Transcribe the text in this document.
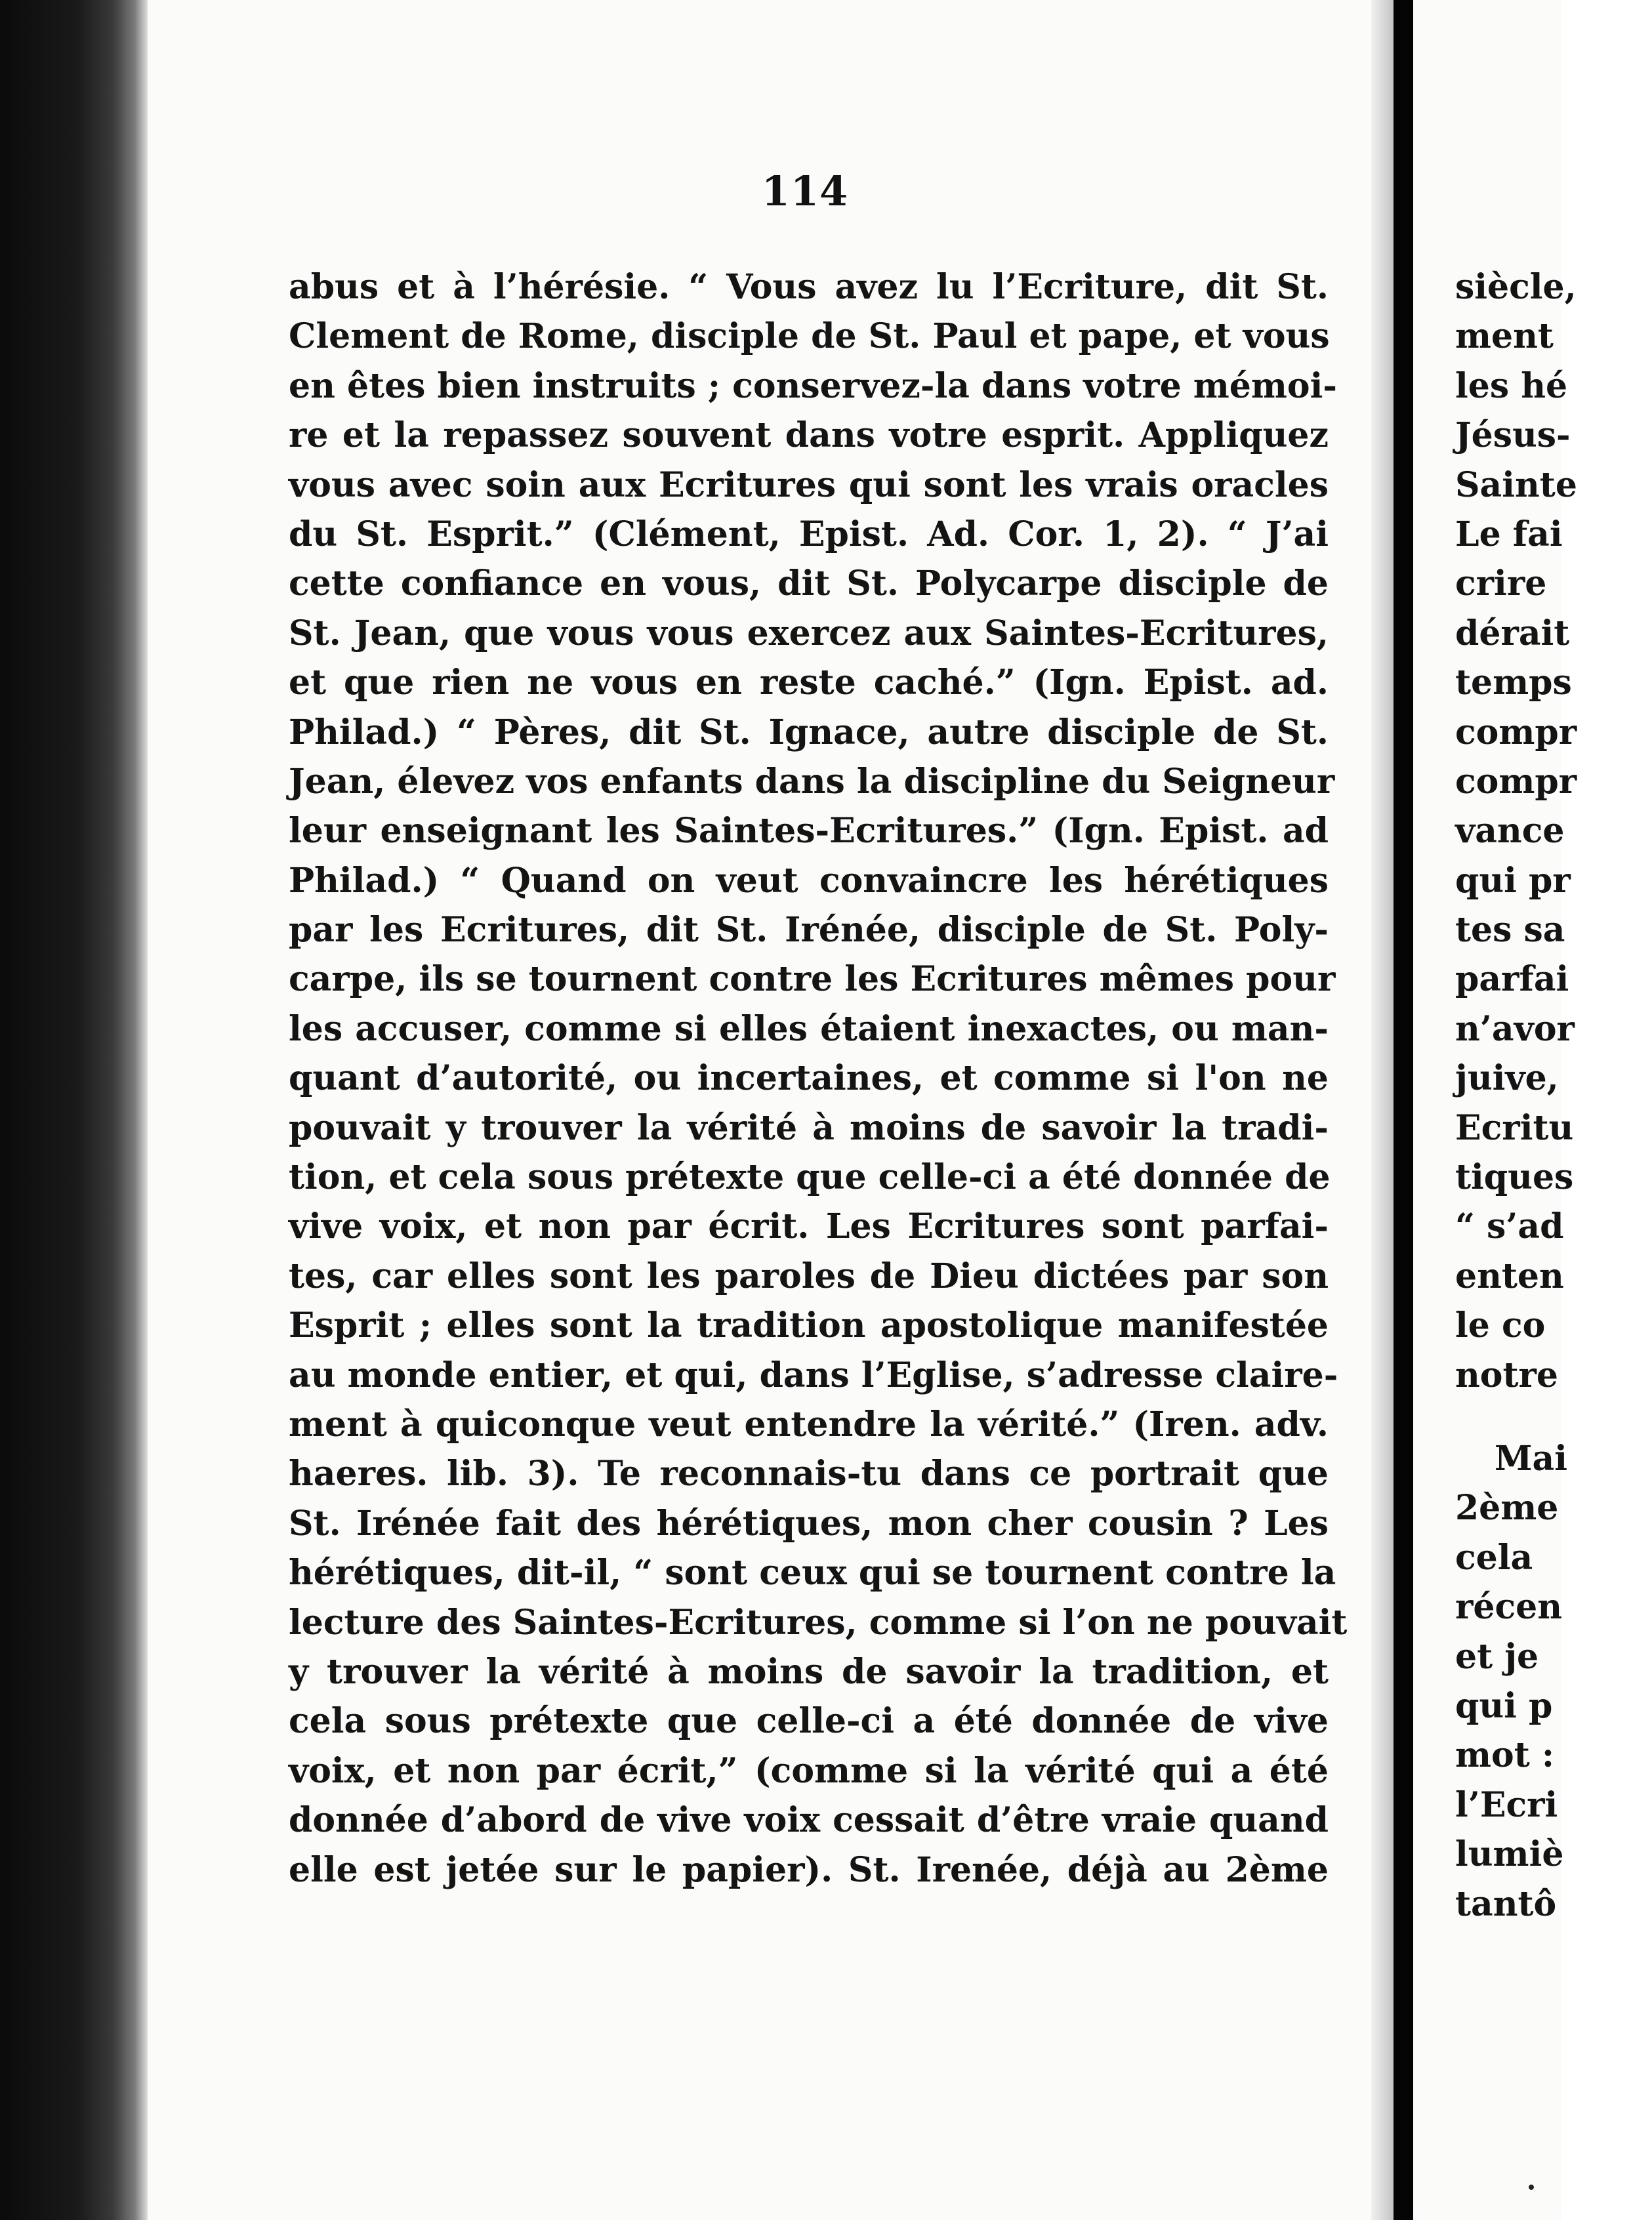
114
abus et à l’hérésie. “ Vous avez lu l’Ecriture, dit St.
Clement de Rome, disciple de St. Paul et pape, et vous
en êtes bien instruits ; conservez-la dans votre mémoi-
re et la repassez souvent dans votre esprit. Appliquez
vous avec soin aux Ecritures qui sont les vrais oracles
du St. Esprit.” (Clément, Epist. Ad. Cor. 1, 2). “ J’ai
cette confiance en vous, dit St. Polycarpe disciple de
St. Jean, que vous vous exercez aux Saintes-Ecritures,
et que rien ne vous en reste caché.” (Ign. Epist. ad.
Philad.) “ Pères, dit St. Ignace, autre disciple de St.
Jean, élevez vos enfants dans la discipline du Seigneur
leur enseignant les Saintes-Ecritures.” (Ign. Epist. ad
Philad.) “ Quand on veut convaincre les hérétiques
par les Ecritures, dit St. Irénée, disciple de St. Poly-
carpe, ils se tournent contre les Ecritures mêmes pour
les accuser, comme si elles étaient inexactes, ou man-
quant d’autorité, ou incertaines, et comme si l'on ne
pouvait y trouver la vérité à moins de savoir la tradi-
tion, et cela sous prétexte que celle-ci a été donnée de
vive voix, et non par écrit. Les Ecritures sont parfai-
tes, car elles sont les paroles de Dieu dictées par son
Esprit ; elles sont la tradition apostolique manifestée
au monde entier, et qui, dans l’Eglise, s’adresse claire-
ment à quiconque veut entendre la vérité.” (Iren. adv.
haeres. lib. 3). Te reconnais-tu dans ce portrait que
St. Irénée fait des hérétiques, mon cher cousin ? Les
hérétiques, dit-il, “ sont ceux qui se tournent contre la
lecture des Saintes-Ecritures, comme si l’on ne pouvait
y trouver la vérité à moins de savoir la tradition, et
cela sous prétexte que celle-ci a été donnée de vive
voix, et non par écrit,” (comme si la vérité qui a été
donnée d’abord de vive voix cessait d’être vraie quand
elle est jetée sur le papier). St. Irenée, déjà au 2ème
siècle,
ment
les hé
Jésus-
Sainte
Le fai
crire
dérait
temps
compr
compr
vance
qui pr
tes sa
parfai
n’avor
juive,
Ecritu
tiques
“ s’ad
enten
le co
notre
Mai
2ème
cela
récen
et je
qui p
mot :
l’Ecri
lumiè
tantô
